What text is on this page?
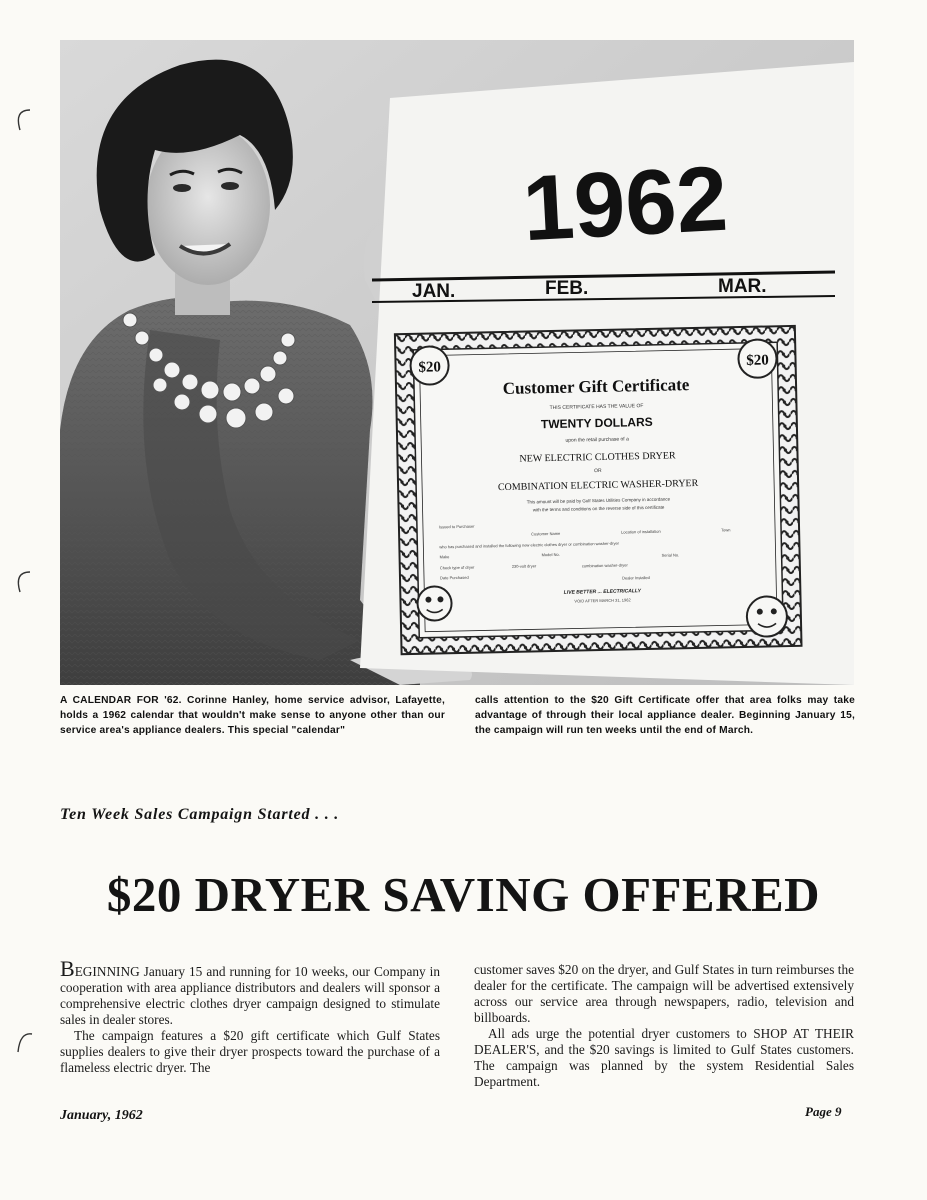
1962
JAN.	FEB.	MAR.
$20	$20
Customer Gift Certificate
THIS CERTIFICATE HAS THE VALUE OF
TWENTY DOLLARS
upon the retail purchase of a
NEW ELECTRIC CLOTHES DRYER
OR
COMBINATION ELECTRIC WASHER-DRYER
This amount will be paid by Gulf States Utilities Company in accordance
with the terms and conditions on the reverse side of this certificate
Issued to Purchaser
Customer Name	Location of installation	Town
who has purchased and installed the following new electric clothes dryer or combination washer-dryer
Make	Model No.	Serial No.
Check type of dryer	230-volt dryer	combination washer-dryer
Date Purchased	Dealer Installed
LIVE BETTER ... ELECTRICALLY
VOID AFTER MARCH 31, 1962
A CALENDAR FOR '62. Corinne Hanley, home service advisor, Lafayette, holds a 1962 calendar that wouldn't make sense to anyone other than our service area's appliance dealers. This special "calendar"
calls attention to the $20 Gift Certificate offer that area folks may take advantage of through their local appliance dealer. Beginning January 15, the campaign will run ten weeks until the end of March.
Ten Week Sales Campaign Started . . .
$20 DRYER SAVING OFFERED

BEGINNING January 15 and running for 10 weeks, our Company in cooperation with area appliance distributors and dealers will sponsor a comprehensive electric clothes dryer campaign designed to stimulate sales in dealer stores.

The campaign features a $20 gift certificate which Gulf States supplies dealers to give their dryer prospects toward the purchase of a flameless electric dryer. The

customer saves $20 on the dryer, and Gulf States in turn reimburses the dealer for the certificate. The campaign will be advertised extensively across our service area through newspapers, radio, television and billboards.

All ads urge the potential dryer customers to SHOP AT THEIR DEALER'S, and the $20 savings is limited to Gulf States customers. The campaign was planned by the system Residential Sales Department.

January, 1962	Page 9
